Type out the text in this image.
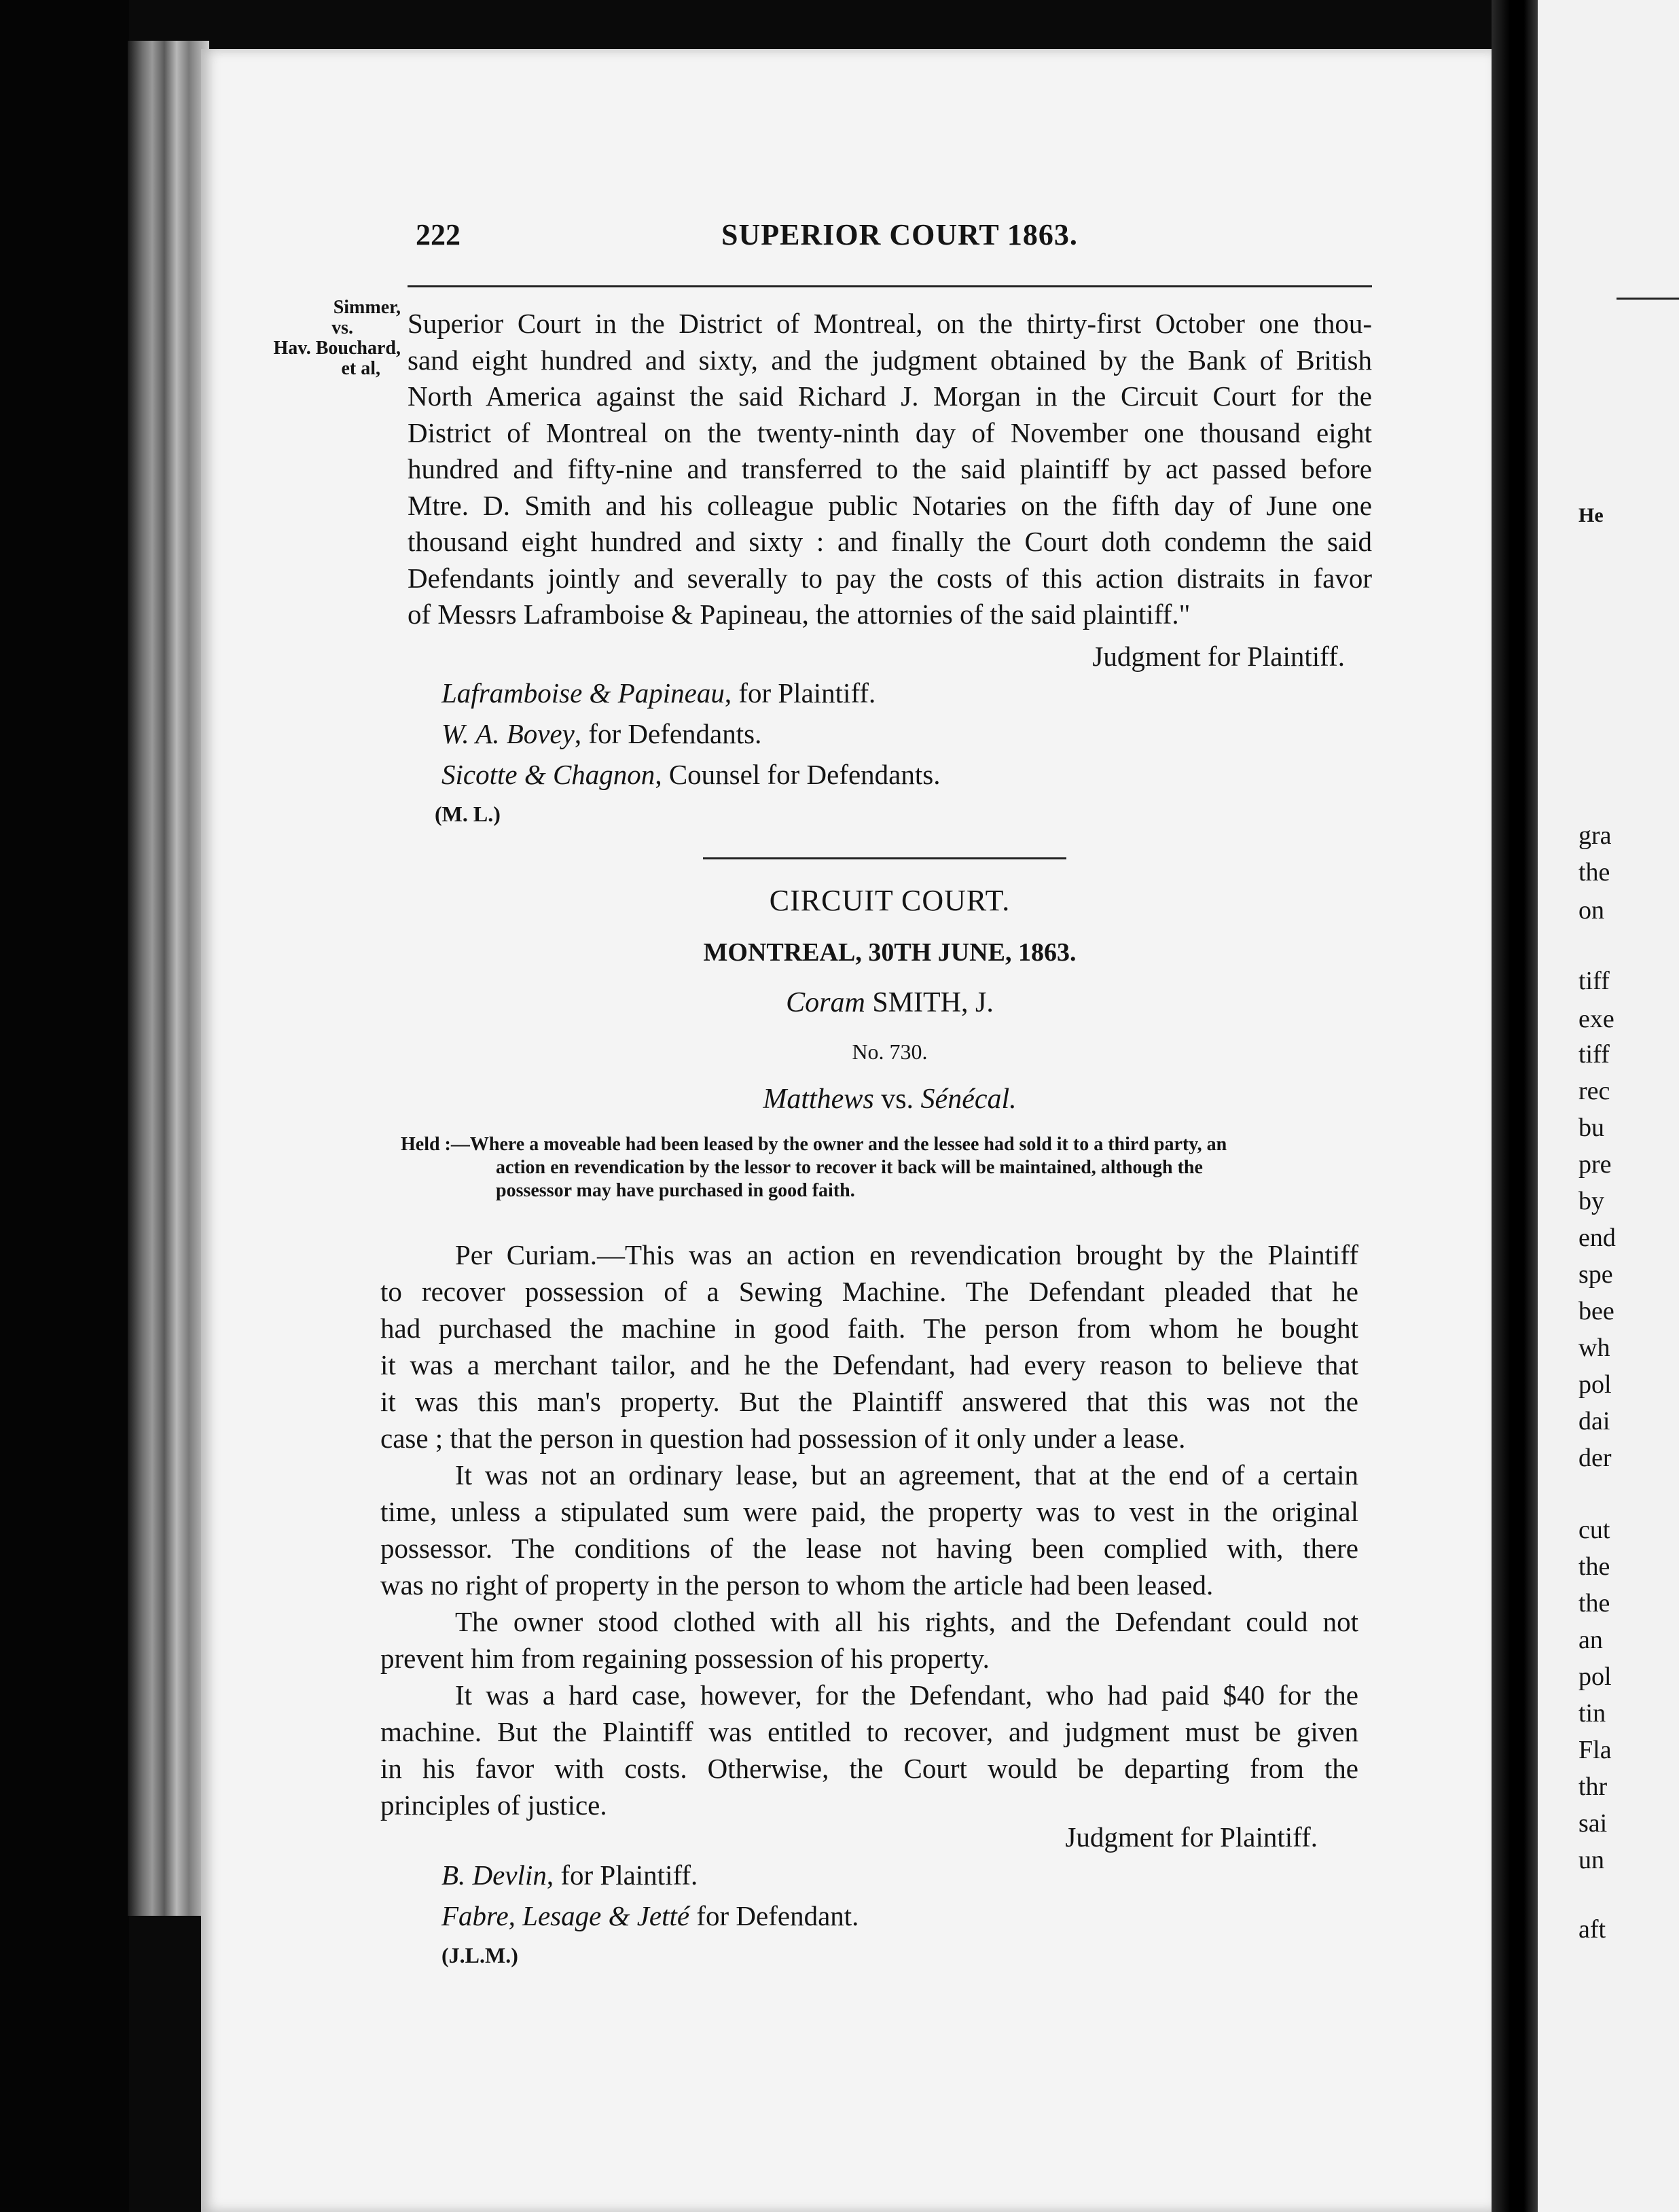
He
gra
the
on
tiff
exe
tiff
rec
bu
pre
by
end
spe
bee
wh
pol
dai
der
cut
the
the
an
pol
tin
Fla
thr
sai
un
aft
222	SUPERIOR COURT 1863.
Simmer,
vs.
Hav. Bouchard,
et al,
Superior Court in the District of Montreal, on the thirty-first October one thou-
sand eight hundred and sixty, and the judgment obtained by the Bank of British
North America against the said Richard J. Morgan in the Circuit Court for the
District of Montreal on the twenty-ninth day of November one thousand eight
hundred and fifty-nine and transferred to the said plaintiff by act passed before
Mtre. D. Smith and his colleague public Notaries on the fifth day of June one
thousand eight hundred and sixty : and finally the Court doth condemn the said
Defendants jointly and severally to pay the costs of this action distraits in favor
of Messrs Laframboise & Papineau, the attornies of the said plaintiff."
Judgment for Plaintiff.
Laframboise & Papineau, for Plaintiff.
W. A. Bovey, for Defendants.
Sicotte & Chagnon, Counsel for Defendants.
(M. L.)
CIRCUIT COURT.
MONTREAL, 30TH JUNE, 1863.
Coram SMITH, J.
No. 730.
Matthews vs. Sénécal.
Held :—Where a moveable had been leased by the owner and the lessee had sold it to a third party, an
action en revendication by the lessor to recover it back will be maintained, although the
possessor may have purchased in good faith.
Per Curiam.—This was an action en revendication brought by the Plaintiff
to recover possession of a Sewing Machine. The Defendant pleaded that he
had purchased the machine in good faith. The person from whom he bought
it was a merchant tailor, and he the Defendant, had every reason to believe that
it was this man's property. But the Plaintiff answered that this was not the
case ; that the person in question had possession of it only under a lease.
It was not an ordinary lease, but an agreement, that at the end of a certain
time, unless a stipulated sum were paid, the property was to vest in the original
possessor. The conditions of the lease not having been complied with, there
was no right of property in the person to whom the article had been leased.
The owner stood clothed with all his rights, and the Defendant could not
prevent him from regaining possession of his property.
It was a hard case, however, for the Defendant, who had paid $40 for the
machine. But the Plaintiff was entitled to recover, and judgment must be given
in his favor with costs. Otherwise, the Court would be departing from the
principles of justice.
Judgment for Plaintiff.
B. Devlin, for Plaintiff.
Fabre, Lesage & Jetté for Defendant.
(J.L.M.)
